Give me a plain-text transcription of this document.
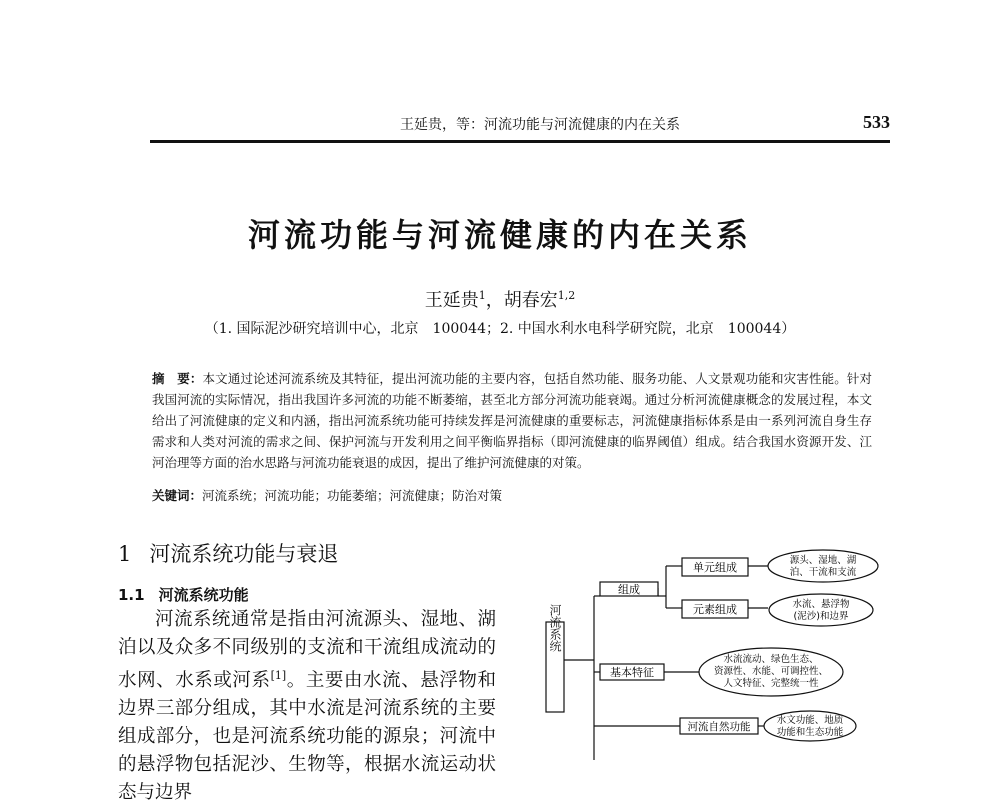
王延贵，等：河流功能与河流健康的内在关系	533
河流功能与河流健康的内在关系
王延贵$^1$，胡春宏$^{1,2}$
（1. 国际泥沙研究培训中心，北京　100044；2. 中国水利水电科学研究院，北京　100044）
摘　要：本文通过论述河流系统及其特征，提出河流功能的主要内容，包括自然功能、服务功能、人文景观功能和灾害性能。针对我国河流的实际情况，指出我国许多河流的功能不断萎缩，甚至北方部分河流功能衰竭。通过分析河流健康概念的发展过程，本文给出了河流健康的定义和内涵，指出河流系统功能可持续发挥是河流健康的重要标志，河流健康指标体系是由一系列河流自身生存需求和人类对河流的需求之间、保护河流与开发利用之间平衡临界指标（即河流健康的临界阈值）组成。结合我国水资源开发、江河治理等方面的治水思路与河流功能衰退的成因，提出了维护河流健康的对策。
关键词：河流系统；河流功能；功能萎缩；河流健康；防治对策
1 河流系统功能与衰退
1.1 河流系统功能

河流系统通常是指由河流源头、湿地、湖泊以及众多不同级别的支流和干流组成流动的水网、水系或河系[1]。主要由水流、悬浮物和边界三部分组成，其中水流是河流系统的主要组成部分，也是河流系统功能的源泉；河流中的悬浮物包括泥沙、生物等，根据水流运动状态与边界

河流系统
组成
单元组成
源头、湿地、湖
泊、干流和支流
元素组成	水流、悬浮物
(泥沙)和边界
基本特征
水流流动、绿色生态、
资源性、水能、可调控性、
人文特征、完整统一性
河流自然功能
水文功能、地质
功能和生态功能
